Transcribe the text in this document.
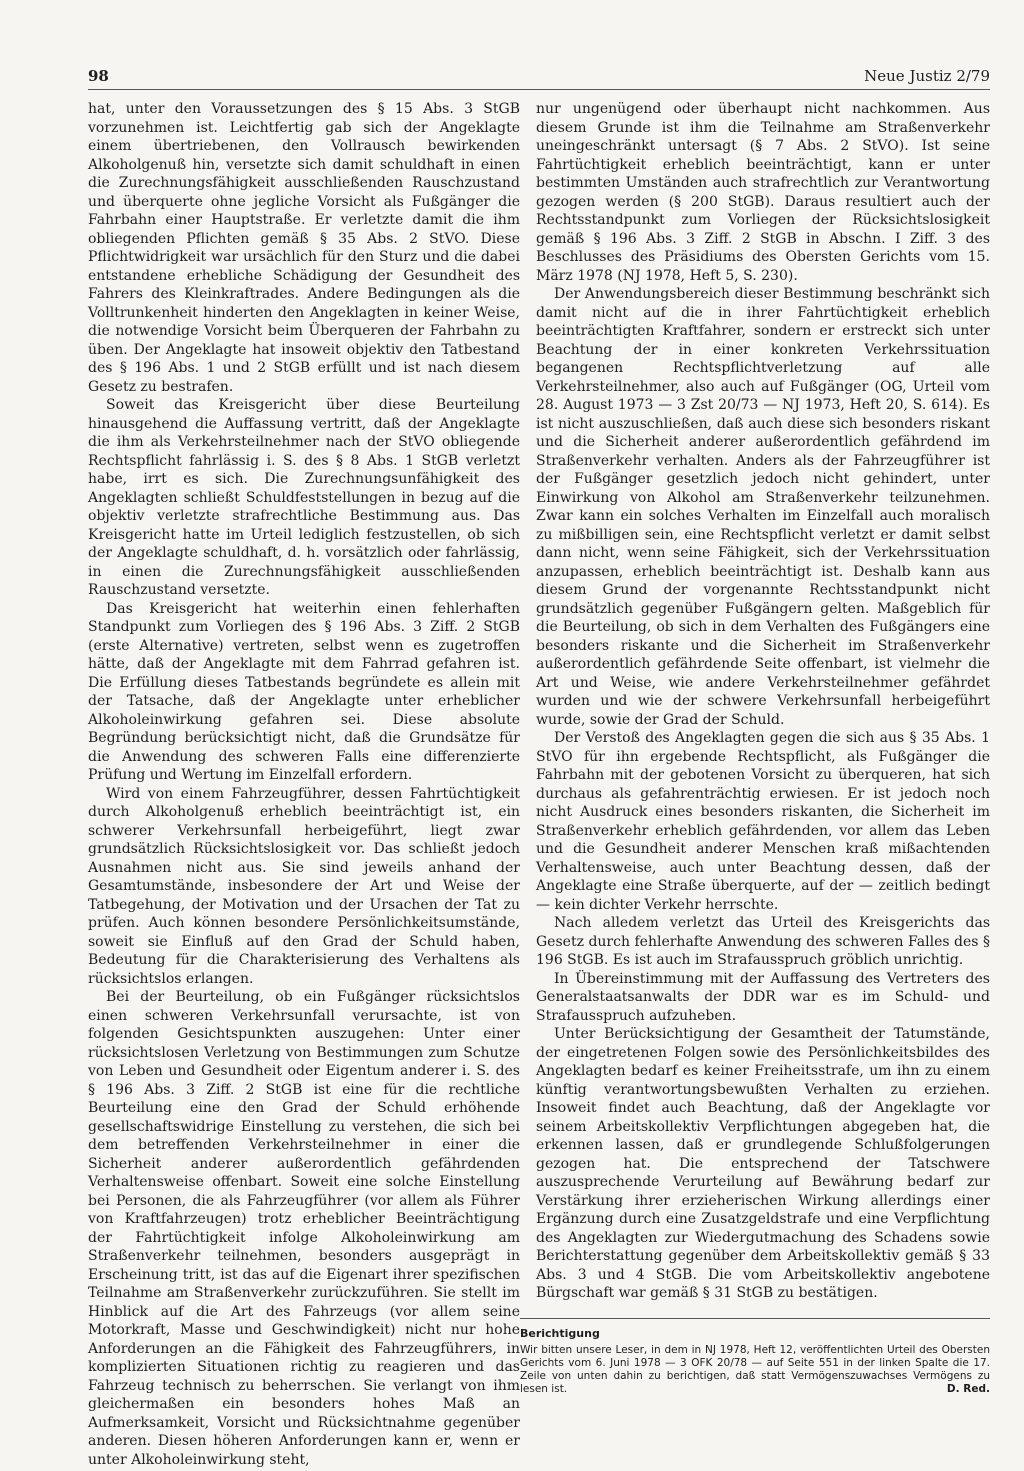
98	Neue Justiz 2/79

hat, unter den Voraussetzungen des § 15 Abs. 3 StGB vorzunehmen ist. Leichtfertig gab sich der Angeklagte einem übertriebenen, den Vollrausch bewirkenden Alkoholgenuß hin, versetzte sich damit schuldhaft in einen die Zurechnungsfähigkeit ausschließenden Rauschzustand und überquerte ohne jegliche Vorsicht als Fußgänger die Fahrbahn einer Hauptstraße. Er verletzte damit die ihm obliegenden Pflichten gemäß § 35 Abs. 2 StVO. Diese Pflichtwidrigkeit war ursächlich für den Sturz und die dabei entstandene erhebliche Schädigung der Gesundheit des Fahrers des Kleinkraftrades. Andere Bedingungen als die Volltrunkenheit hinderten den Angeklagten in keiner Weise, die notwendige Vorsicht beim Überqueren der Fahrbahn zu üben. Der Angeklagte hat insoweit objektiv den Tatbestand des § 196 Abs. 1 und 2 StGB erfüllt und ist nach diesem Gesetz zu bestrafen.

Soweit das Kreisgericht über diese Beurteilung hinausgehend die Auffassung vertritt, daß der Angeklagte die ihm als Verkehrsteilnehmer nach der StVO obliegende Rechtspflicht fahrlässig i. S. des § 8 Abs. 1 StGB verletzt habe, irrt es sich. Die Zurechnungsunfähigkeit des Angeklagten schließt Schuldfeststellungen in bezug auf die objektiv verletzte strafrechtliche Bestimmung aus. Das Kreisgericht hatte im Urteil lediglich festzustellen, ob sich der Angeklagte schuldhaft, d. h. vorsätzlich oder fahrlässig, in einen die Zurechnungsfähigkeit ausschließenden Rauschzustand versetzte.

Das Kreisgericht hat weiterhin einen fehlerhaften Standpunkt zum Vorliegen des § 196 Abs. 3 Ziff. 2 StGB (erste Alternative) vertreten, selbst wenn es zugetroffen hätte, daß der Angeklagte mit dem Fahrrad gefahren ist. Die Erfüllung dieses Tatbestands begründete es allein mit der Tatsache, daß der Angeklagte unter erheblicher Alkoholeinwirkung gefahren sei. Diese absolute Begründung berücksichtigt nicht, daß die Grundsätze für die Anwendung des schweren Falls eine differenzierte Prüfung und Wertung im Einzelfall erfordern.

Wird von einem Fahrzeugführer, dessen Fahrtüchtigkeit durch Alkoholgenuß erheblich beeinträchtigt ist, ein schwerer Verkehrsunfall herbeigeführt, liegt zwar grundsätzlich Rücksichtslosigkeit vor. Das schließt jedoch Ausnahmen nicht aus. Sie sind jeweils anhand der Gesamtumstände, insbesondere der Art und Weise der Tatbegehung, der Motivation und der Ursachen der Tat zu prüfen. Auch können besondere Persönlichkeitsumstände, soweit sie Einfluß auf den Grad der Schuld haben, Bedeutung für die Charakterisierung des Verhaltens als rücksichtslos erlangen.

Bei der Beurteilung, ob ein Fußgänger rücksichtslos einen schweren Verkehrsunfall verursachte, ist von folgenden Gesichtspunkten auszugehen: Unter einer rücksichtslosen Verletzung von Bestimmungen zum Schutze von Leben und Gesundheit oder Eigentum anderer i. S. des § 196 Abs. 3 Ziff. 2 StGB ist eine für die rechtliche Beurteilung eine den Grad der Schuld erhöhende gesellschaftswidrige Einstellung zu verstehen, die sich bei dem betreffenden Verkehrsteilnehmer in einer die Sicherheit anderer außerordentlich gefährdenden Verhaltensweise offenbart. Soweit eine solche Einstellung bei Personen, die als Fahrzeugführer (vor allem als Führer von Kraftfahrzeugen) trotz erheblicher Beeinträchtigung der Fahrtüchtigkeit infolge Alkoholeinwirkung am Straßenverkehr teilnehmen, besonders ausgeprägt in Erscheinung tritt, ist das auf die Eigenart ihrer spezifischen Teilnahme am Straßenverkehr zurückzuführen. Sie stellt im Hinblick auf die Art des Fahrzeugs (vor allem seine Motorkraft, Masse und Geschwindigkeit) nicht nur hohe Anforderungen an die Fähigkeit des Fahrzeugführers, in komplizierten Situationen richtig zu reagieren und das Fahrzeug technisch zu beherrschen. Sie verlangt von ihm gleichermaßen ein besonders hohes Maß an Aufmerksamkeit, Vorsicht und Rücksichtnahme gegenüber anderen. Diesen höheren Anforderungen kann er, wenn er unter Alkoholeinwirkung steht,

nur ungenügend oder überhaupt nicht nachkommen. Aus diesem Grunde ist ihm die Teilnahme am Straßenverkehr uneingeschränkt untersagt (§ 7 Abs. 2 StVO). Ist seine Fahrtüchtigkeit erheblich beeinträchtigt, kann er unter bestimmten Umständen auch strafrechtlich zur Verantwortung gezogen werden (§ 200 StGB). Daraus resultiert auch der Rechtsstandpunkt zum Vorliegen der Rücksichtslosigkeit gemäß § 196 Abs. 3 Ziff. 2 StGB in Abschn. I Ziff. 3 des Beschlusses des Präsidiums des Obersten Gerichts vom 15. März 1978 (NJ 1978, Heft 5, S. 230).

Der Anwendungsbereich dieser Bestimmung beschränkt sich damit nicht auf die in ihrer Fahrtüchtigkeit erheblich beeinträchtigten Kraftfahrer, sondern er erstreckt sich unter Beachtung der in einer konkreten Verkehrssituation begangenen Rechtspflichtverletzung auf alle Verkehrsteilnehmer, also auch auf Fußgänger (OG, Urteil vom 28. August 1973 — 3 Zst 20/73 — NJ 1973, Heft 20, S. 614). Es ist nicht auszuschließen, daß auch diese sich besonders riskant und die Sicherheit anderer außerordentlich gefährdend im Straßenverkehr verhalten. Anders als der Fahrzeugführer ist der Fußgänger gesetzlich jedoch nicht gehindert, unter Einwirkung von Alkohol am Straßenverkehr teilzunehmen. Zwar kann ein solches Verhalten im Einzelfall auch moralisch zu mißbilligen sein, eine Rechtspflicht verletzt er damit selbst dann nicht, wenn seine Fähigkeit, sich der Verkehrssituation anzupassen, erheblich beeinträchtigt ist. Deshalb kann aus diesem Grund der vorgenannte Rechtsstandpunkt nicht grundsätzlich gegenüber Fußgängern gelten. Maßgeblich für die Beurteilung, ob sich in dem Verhalten des Fußgängers eine besonders riskante und die Sicherheit im Straßenverkehr außerordentlich gefährdende Seite offenbart, ist vielmehr die Art und Weise, wie andere Verkehrsteilnehmer gefährdet wurden und wie der schwere Verkehrsunfall herbeigeführt wurde, sowie der Grad der Schuld.

Der Verstoß des Angeklagten gegen die sich aus § 35 Abs. 1 StVO für ihn ergebende Rechtspflicht, als Fußgänger die Fahrbahn mit der gebotenen Vorsicht zu überqueren, hat sich durchaus als gefahrenträchtig erwiesen. Er ist jedoch noch nicht Ausdruck eines besonders riskanten, die Sicherheit im Straßenverkehr erheblich gefährdenden, vor allem das Leben und die Gesundheit anderer Menschen kraß mißachtenden Verhaltensweise, auch unter Beachtung dessen, daß der Angeklagte eine Straße überquerte, auf der — zeitlich bedingt — kein dichter Verkehr herrschte.

Nach alledem verletzt das Urteil des Kreisgerichts das Gesetz durch fehlerhafte Anwendung des schweren Falles des § 196 StGB. Es ist auch im Strafausspruch gröblich unrichtig.

In Übereinstimmung mit der Auffassung des Vertreters des Generalstaatsanwalts der DDR war es im Schuld- und Strafausspruch aufzuheben.

Unter Berücksichtigung der Gesamtheit der Tatumstände, der eingetretenen Folgen sowie des Persönlichkeitsbildes des Angeklagten bedarf es keiner Freiheitsstrafe, um ihn zu einem künftig verantwortungsbewußten Verhalten zu erziehen. Insoweit findet auch Beachtung, daß der Angeklagte vor seinem Arbeitskollektiv Verpflichtungen abgegeben hat, die erkennen lassen, daß er grundlegende Schlußfolgerungen gezogen hat. Die entsprechend der Tatschwere auszusprechende Verurteilung auf Bewährung bedarf zur Verstärkung ihrer erzieherischen Wirkung allerdings einer Ergänzung durch eine Zusatzgeldstrafe und eine Verpflichtung des Angeklagten zur Wiedergutmachung des Schadens sowie Berichterstattung gegenüber dem Arbeitskollektiv gemäß § 33 Abs. 3 und 4 StGB. Die vom Arbeitskollektiv angebotene Bürgschaft war gemäß § 31 StGB zu bestätigen.

Berichtigung
Wir bitten unsere Leser, in dem in NJ 1978, Heft 12, veröffentlichten Urteil des Obersten Gerichts vom 6. Juni 1978 — 3 OFK 20/78 — auf Seite 551 in der linken Spalte die 17. Zeile von unten dahin zu berichtigen, daß statt Vermögenszuwachses Vermögens zu lesen ist.	D. Red.
